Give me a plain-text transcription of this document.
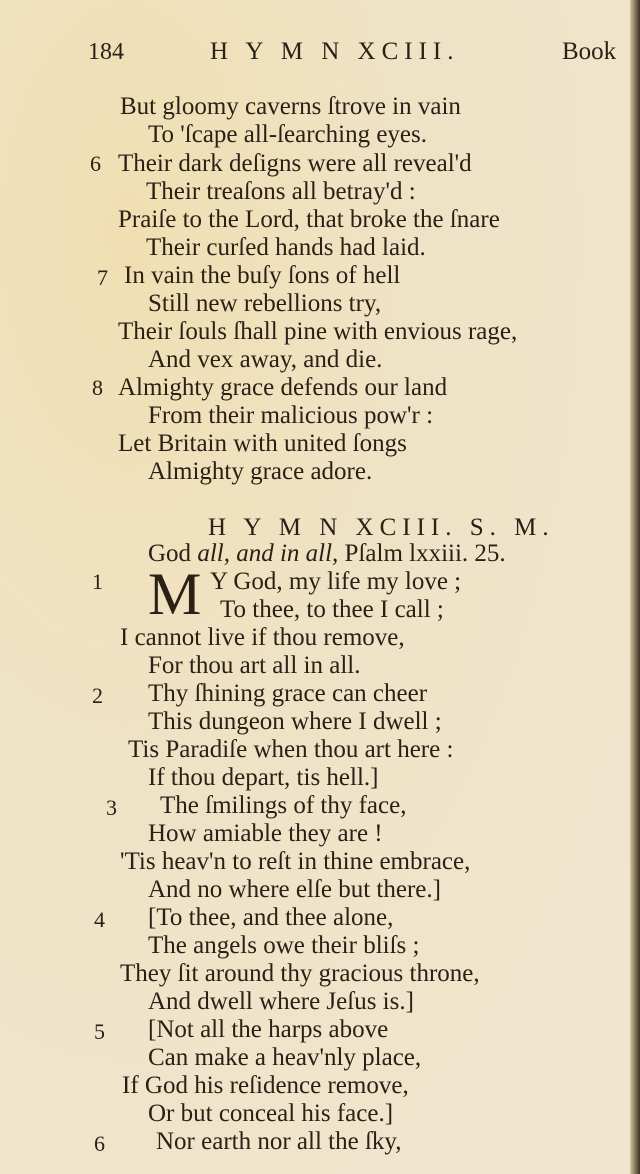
184	H Y M N XCIII.	Book
But gloomy caverns ſtrove in vain
To 'ſcape all-ſearching eyes.
6 Their dark deſigns were all reveal'd
Their treaſons all betray'd :
Praiſe to the Lord, that broke the ſnare
Their curſed hands had laid.
7 In vain the buſy ſons of hell
Still new rebellions try,
Their ſouls ſhall pine with envious rage,
And vex away, and die.
8 Almighty grace defends our land
From their malicious pow'r :
Let Britain with united ſongs
Almighty grace adore.
H Y M N XCIII. S. M.
God all, and in all, Pſalm lxxiii. 25.
1 M Y God, my life my love ;
To thee, to thee I call ;
I cannot live if thou remove,
For thou art all in all.
2 Thy ſhining grace can cheer
This dungeon where I dwell ;
Tis Paradiſe when thou art here :
If thou depart, tis hell.]
3 The ſmilings of thy face,
How amiable they are !
'Tis heav'n to reſt in thine embrace,
And no where elſe but there.]
4 [To thee, and thee alone,
The angels owe their bliſs ;
They ſit around thy gracious throne,
And dwell where Jeſus is.]
5 [Not all the harps above
Can make a heav'nly place,
If God his reſidence remove,
Or but conceal his face.]
6 Nor earth nor all the ſky,
